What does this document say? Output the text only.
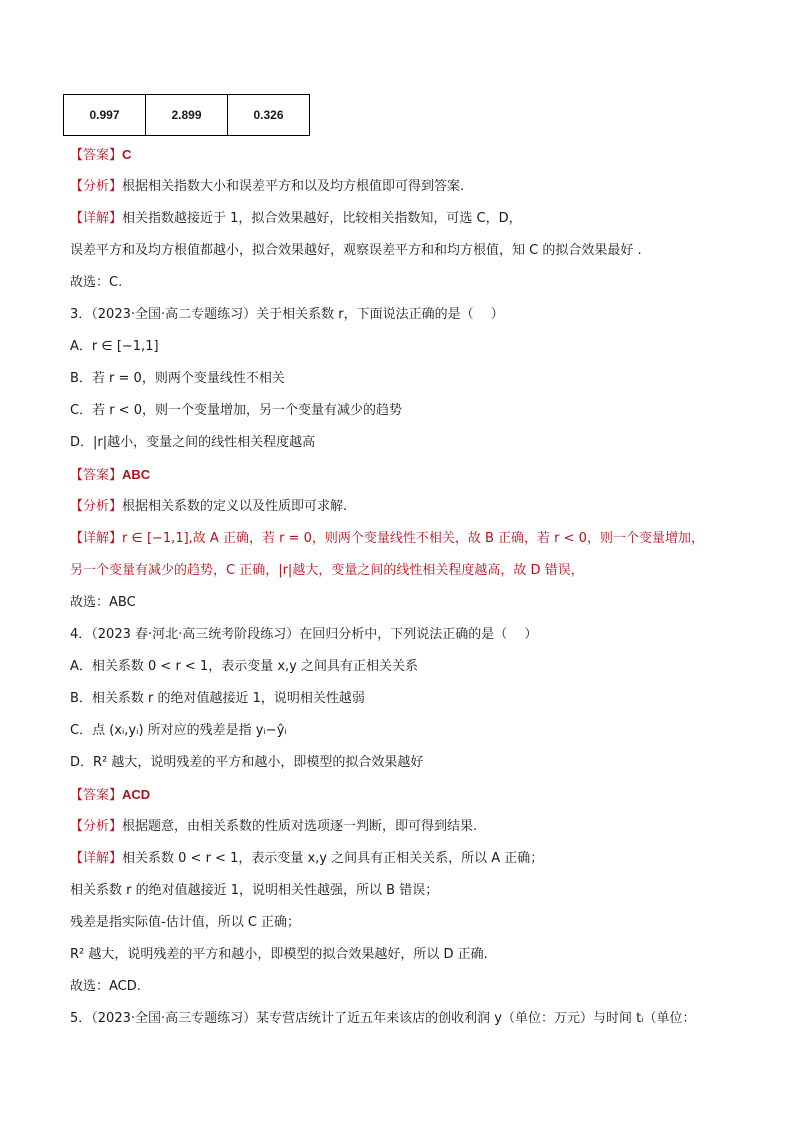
0.997	2.899	0.326
【答案】C
【分析】根据相关指数大小和误差平方和以及均方根值即可得到答案.
【详解】相关指数越接近于 1，拟合效果越好，比较相关指数知，可选 C，D，
误差平方和及均方根值都越小，拟合效果越好，观察误差平方和和均方根值，知 C 的拟合效果最好 .
故选：C.
3．（2023·全国·高二专题练习）关于相关系数 r，下面说法正确的是（　 ）
A．r ∈ [−1,1]
B．若 r = 0，则两个变量线性不相关
C．若 r < 0，则一个变量增加，另一个变量有减少的趋势
D．|r|越小，变量之间的线性相关程度越高
【答案】ABC
【分析】根据相关系数的定义以及性质即可求解.
【详解】r ∈ [−1,1],故 A 正确，若 r = 0，则两个变量线性不相关，故 B 正确，若 r < 0，则一个变量增加，
另一个变量有减少的趋势，C 正确，|r|越大，变量之间的线性相关程度越高，故 D 错误，
故选：ABC
4．（2023 春·河北·高三统考阶段练习）在回归分析中，下列说法正确的是（　 ）
A．相关系数 0 < r < 1，表示变量 x,y 之间具有正相关关系
B．相关系数 r 的绝对值越接近 1，说明相关性越弱
C．点 (xᵢ,yᵢ) 所对应的残差是指 yᵢ−ŷᵢ
D．R² 越大，说明残差的平方和越小，即模型的拟合效果越好
【答案】ACD
【分析】根据题意，由相关系数的性质对选项逐一判断，即可得到结果.
【详解】相关系数 0 < r < 1，表示变量 x,y 之间具有正相关关系，所以 A 正确；
相关系数 r 的绝对值越接近 1，说明相关性越强，所以 B 错误；
残差是指实际值-估计值，所以 C 正确；
R² 越大，说明残差的平方和越小，即模型的拟合效果越好，所以 D 正确.
故选：ACD.
5．（2023·全国·高三专题练习）某专营店统计了近五年来该店的创收利润 y（单位：万元）与时间 tᵢ（单位：
